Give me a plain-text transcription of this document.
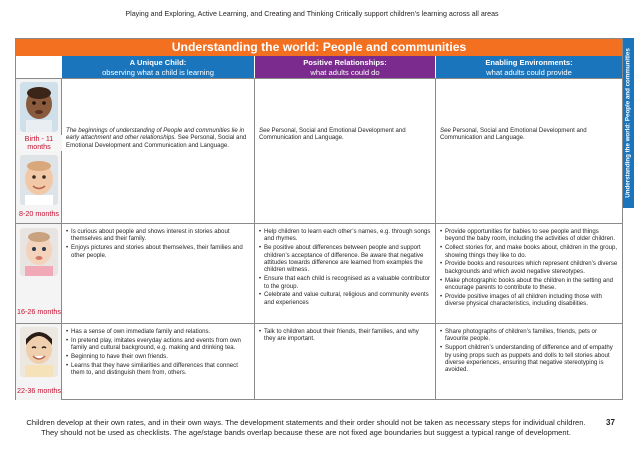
Playing and Exploring, Active Learning, and Creating and Thinking Critically support children’s learning across all areas
Understanding the world: People and communities
Understanding the world: People and communities
A Unique Child:
observing what a child is learning
Positive Relationships:
what adults could do
Enabling Environments:
what adults could provide
Birth - 11 months
8-20 months

The beginnings of understanding of People and communities lie in early attachment and other relationships. See Personal, Social and Emotional Development and Communication and Language.

See Personal, Social and Emotional Development and Communication and Language.

See Personal, Social and Emotional Development and Communication and Language.

16-26 months
• Is curious about people and shows interest in stories about themselves and their family.
• Enjoys pictures and stories about themselves, their families and other people.
• Help children to learn each other’s names, e.g. through songs and rhymes.
• Be positive about differences between people and support children’s acceptance of difference. Be aware that negative attitudes towards difference are learned from examples the children witness.
• Ensure that each child is recognised as a valuable contributor to the group.
• Celebrate and value cultural, religious and community events and experiences
• Provide opportunities for babies to see people and things beyond the baby room, including the activities of older children.
• Collect stories for, and make books about, children in the group, showing things they like to do.
• Provide books and resources which represent children’s diverse backgrounds and which avoid negative stereotypes.
• Make photographic books about the children in the setting and encourage parents to contribute to these.
• Provide positive images of all children including those with diverse physical characteristics, including disabilities.
22-36 months
• Has a sense of own immediate family and relations.
• In pretend play, imitates everyday actions and events from own family and cultural background, e.g. making and drinking tea.
• Beginning to have their own friends.
• Learns that they have similarities and differences that connect them to, and distinguish them from, others.
• Talk to children about their friends, their families, and why they are important.
• Share photographs of children’s families, friends, pets or favourite people.
• Support children’s understanding of difference and of empathy by using props such as puppets and dolls to tell stories about diverse experiences, ensuring that negative stereotyping is avoided.
Children develop at their own rates, and in their own ways. The development statements and their order should not be taken as necessary steps for individual children.
They should not be used as checklists. The age/stage bands overlap because these are not fixed age boundaries but suggest a typical range of development.
37
